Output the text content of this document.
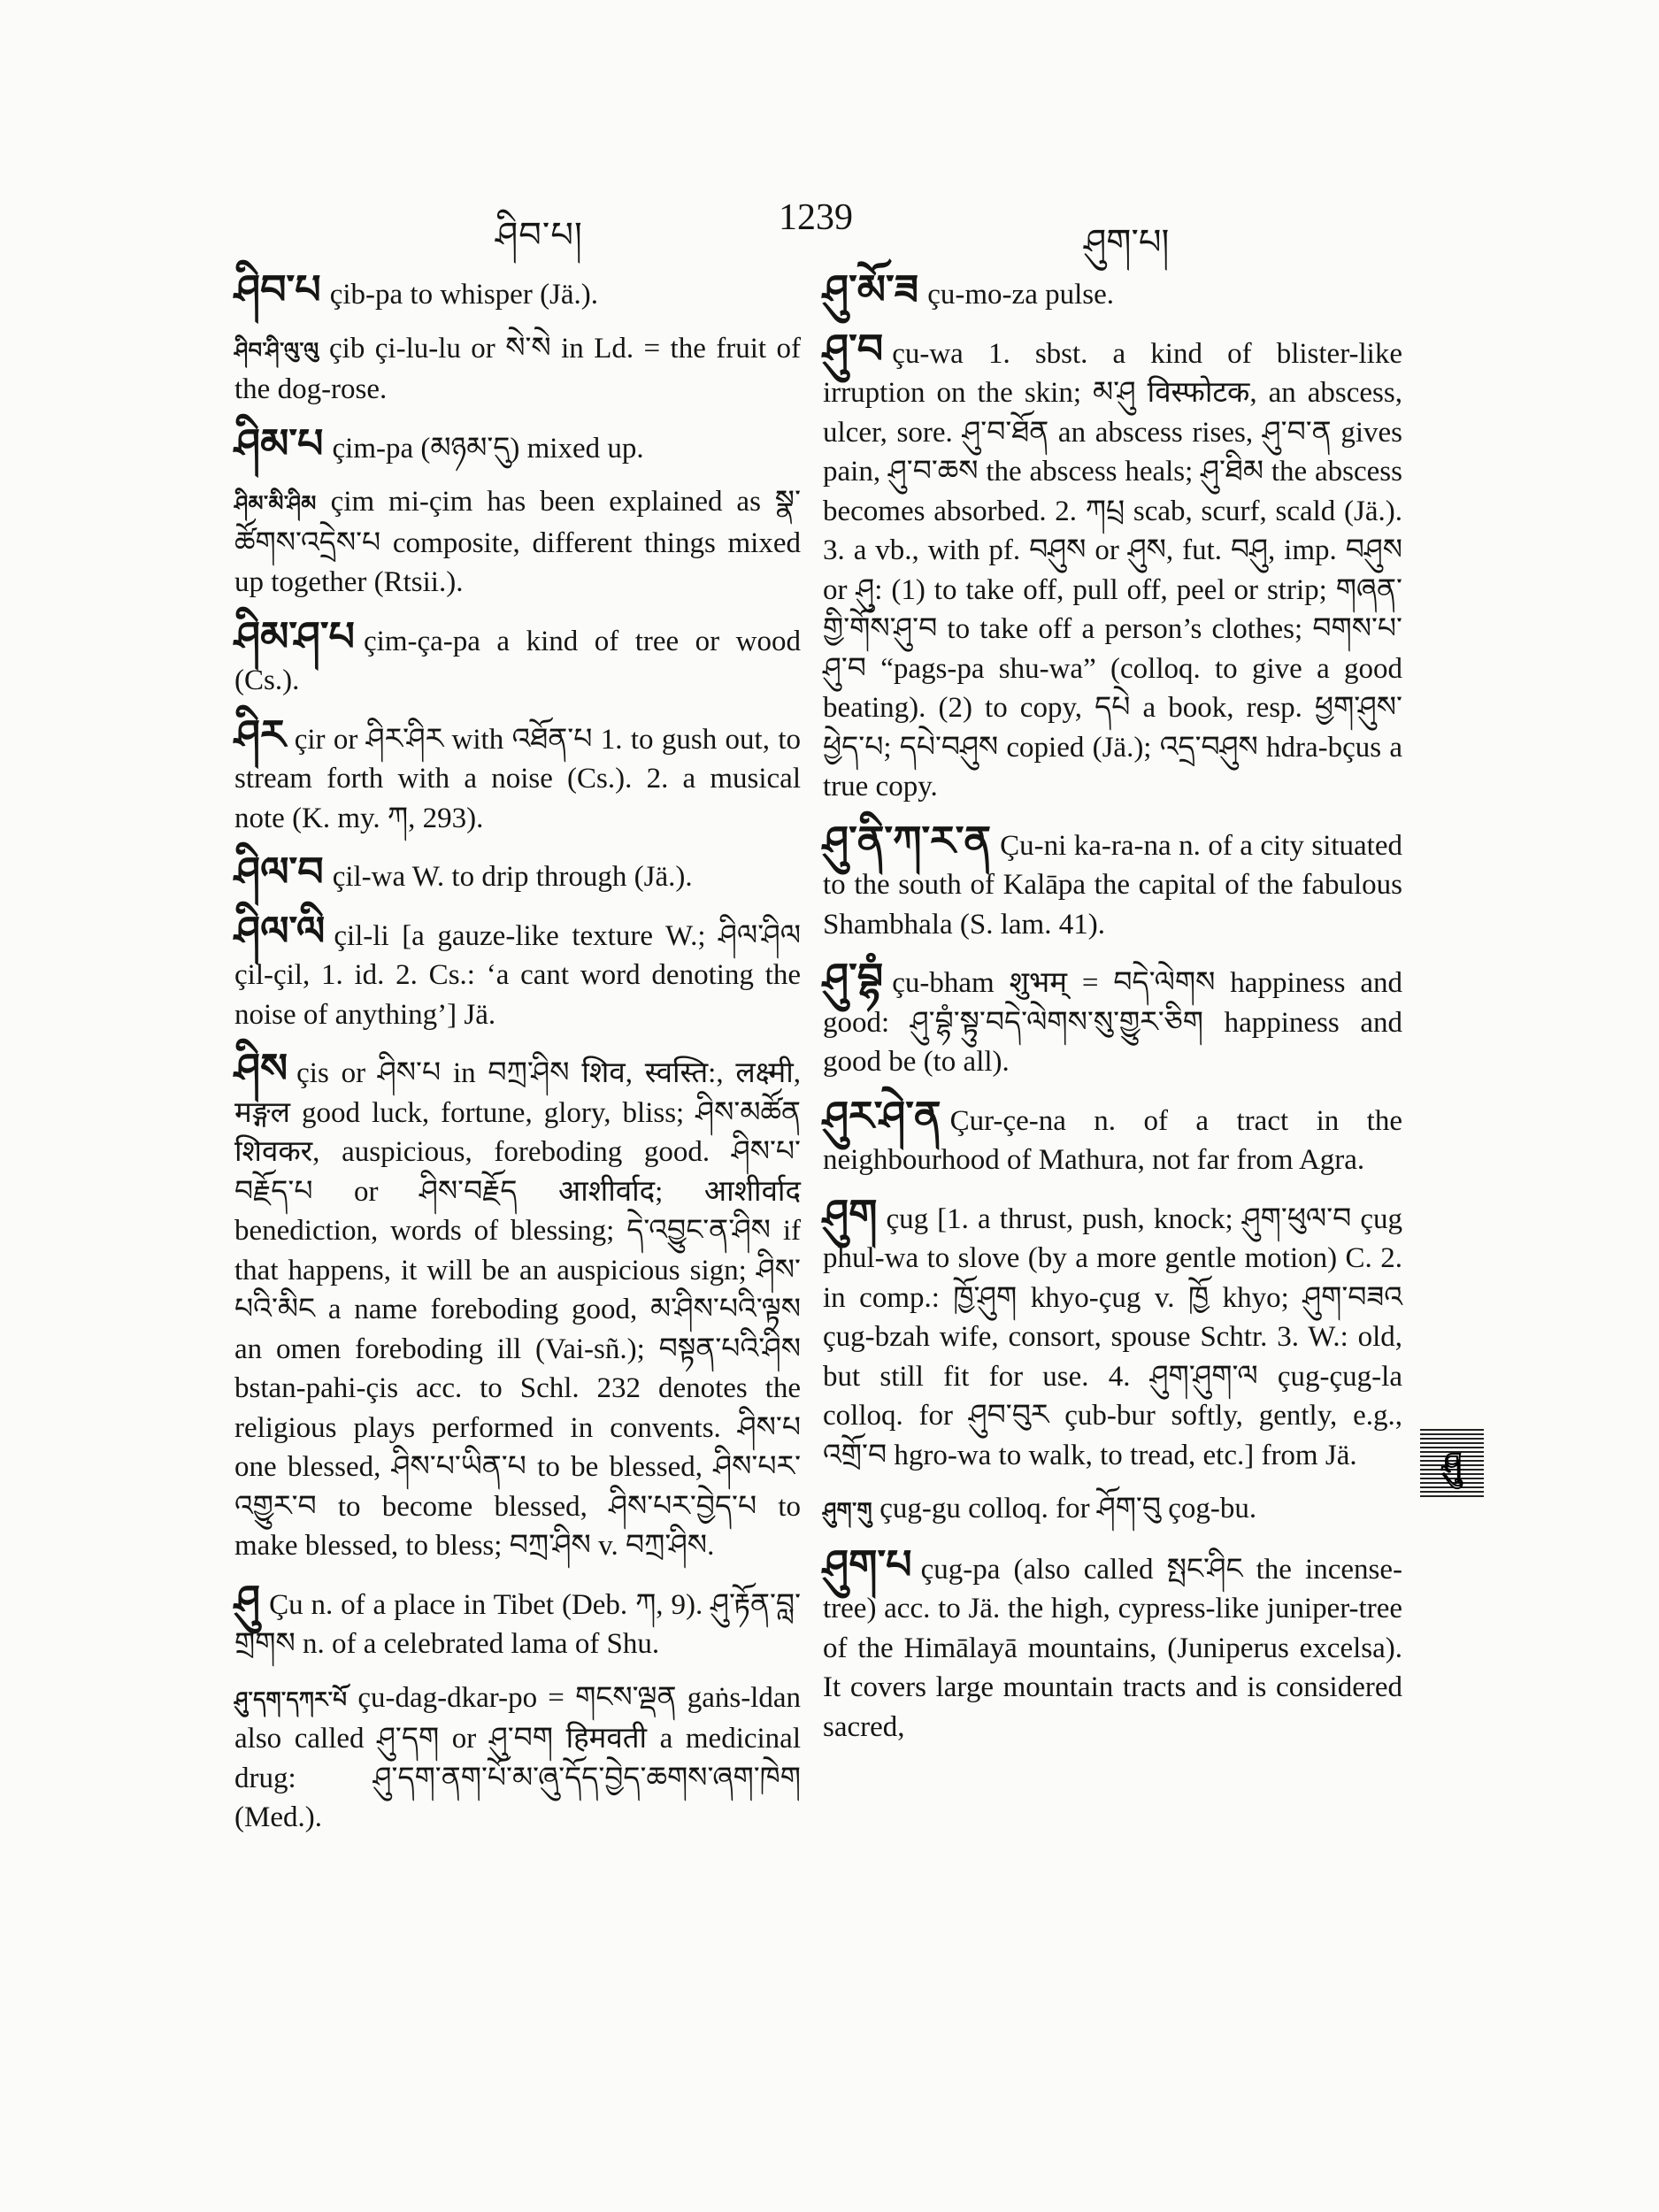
ཤིབ་པ།	1239
ཤུག་པ།
ཤིབ་པ çib-pa to whisper (Jä.).
ཤིབ་ཤི་ལུ་ལུ çib çi-lu-lu or སེ་སེ in Ld. = the fruit of the dog-rose.
ཤིམ་པ çim-pa (མཉམ་དུ) mixed up.
ཤིམ་མི་ཤིམ çim mi-çim has been explained as སྣ་ཚོགས་འདྲེས་པ composite, different things mixed up together (Rtsii.).
ཤིམ་ཤ་པ çim-ça-pa a kind of tree or wood (Cs.).
ཤིར çir or ཤིར་ཤིར with འཐོན་པ 1. to gush out, to stream forth with a noise (Cs.). 2. a musical note (K. my. ཀ, 293).
ཤིལ་བ çil-wa W. to drip through (Jä.).
ཤིལ་ལི çil-li [a gauze-like texture W.; ཤིལ་ཤིལ çil-çil, 1. id. 2. Cs.: ‘a cant word denoting the noise of anything’] Jä.
ཤིས çis or ཤིས་པ in བཀྲ་ཤིས शिव, स्वस्ति:, लक्ष्मी, मङ्गल good luck, fortune, glory, bliss; ཤིས་མཚོན शिवकर, auspicious, foreboding good. ཤིས་པ་བརྗོད་པ or ཤིས་བརྗོད आशीर्वाद; आशीर्वाद benediction, words of blessing; དེ་འབྱུང་ན་ཤིས if that happens, it will be an auspicious sign; ཤིས་པའི་མིང a name foreboding good, མ་ཤིས་པའི་ལྟས an omen foreboding ill (Vai-sñ.); བསྟན་པའི་ཤིས bstan-pahi-çis acc. to Schl. 232 denotes the religious plays performed in convents. ཤིས་པ one blessed, ཤིས་པ་ཡིན་པ to be blessed, ཤིས་པར་འགྱུར་བ to become blessed, ཤིས་པར་བྱེད་པ to make blessed, to bless; བཀྲ་ཤིས v. བཀྲ་ཤིས.
ཤུ Çu n. of a place in Tibet (Deb. ཀ, 9). ཤུ་རྟོན་བླ་གྲགས n. of a celebrated lama of Shu.
ཤུ་དག་དཀར་པོ çu-dag-dkar-po = གངས་ལྡན gaṅs-ldan also called ཤུ་དག or ཤུ་བག हिमवती a medicinal drug: ཤུ་དག་ནག་པོ་མ་ཞུ་དོད་བྱེད་ཆགས་ཞག་ཁེག (Med.).
ཤུ་མོ་ཟ çu-mo-za pulse.
ཤུ་བ çu-wa 1. sbst. a kind of blister-like irruption on the skin; མ་ཤུ विस्फोटक, an abscess, ulcer, sore. ཤུ་བ་ཐོན an abscess rises, ཤུ་བ་ན gives pain, ཤུ་བ་ཆས the abscess heals; ཤུ་ཐིམ the abscess becomes absorbed. 2. ཀཔྲ scab, scurf, scald (Jä.). 3. a vb., with pf. བཤུས or ཤུས, fut. བཤུ, imp. བཤུས or ཤུ: (1) to take off, pull off, peel or strip; གཞན་གྱི་གོས་ཤུ་བ to take off a person’s clothes; བགས་པ་ཤུ་བ “pags-pa shu-wa” (colloq. to give a good beating). (2) to copy, དཔེ a book, resp. ཕྱག་ཤུས་ཕྱེད་པ; དཔེ་བཤུས copied (Jä.); འདྲ་བཤུས hdra-bçus a true copy.
ཤུ་ནི་ཀ་ར་ན Çu-ni ka-ra-na n. of a city situated to the south of Kalāpa the capital of the fabulous Shambhala (S. lam. 41).
ཤུ་བྷཾ çu-bham शुभम् = བདེ་ལེགས happiness and good: ཤུ་བྷཾ་སྟུ་བདེ་ལེགས་སུ་གྱུར་ཅིག happiness and good be (to all).
ཤུར་ཤེ་ན Çur-çe-na n. of a tract in the neighbourhood of Mathura, not far from Agra.
ཤུག çug [1. a thrust, push, knock; ཤུག་ཕུལ་བ çug phul-wa to slove (by a more gentle motion) C. 2. in comp.: ཁྱོ་ཤུག khyo-çug v. ཁྱོ khyo; ཤུག་བཟའ çug-bzah wife, consort, spouse Schtr. 3. W.: old, but still fit for use. 4. ཤུག་ཤུག་ལ çug-çug-la colloq. for ཤུབ་བུར çub-bur softly, gently, e.g., འགྲོ་བ hgro-wa to walk, to tread, etc.] from Jä.
ཤུག་གུ çug-gu colloq. for ཤོག་བུ çog-bu.
ཤུག་པ çug-pa (also called སྤང་ཤིང the incense-tree) acc. to Jä. the high, cypress-like juniper-tree of the Himālayā mountains, (Juniperus excelsa). It covers large mountain tracts and is considered sacred,
ཤུ
